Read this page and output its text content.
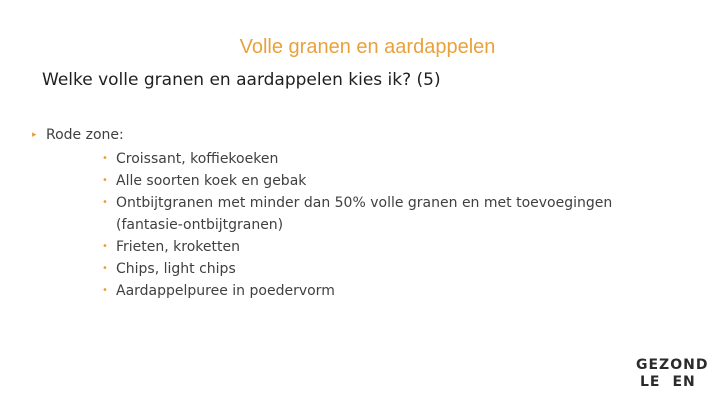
Volle granen en aardappelen
Welke volle granen en aardappelen kies ik? (5)
▸ Rode zone:
• Croissant, koffiekoeken
• Alle soorten koek en gebak
• Ontbijtgranen met minder dan 50% volle granen en met toevoegingen (fantasie-ontbijtgranen)
• Frieten, kroketten
• Chips, light chips
• Aardappelpuree in poedervorm
GEZOND
LE EN
